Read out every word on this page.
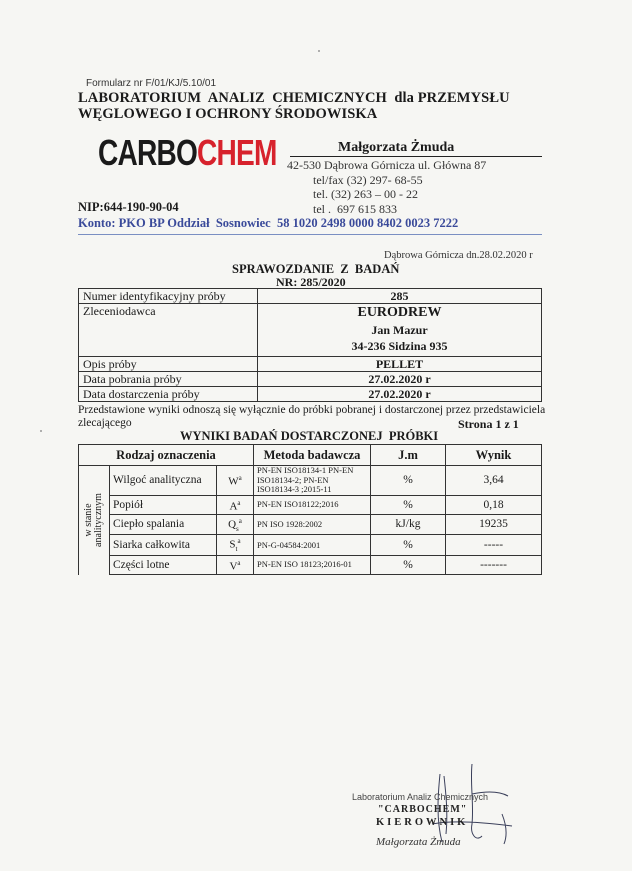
Formularz nr F/01/KJ/5.10/01
LABORATORIUM  ANALIZ  CHEMICZNYCH  dla PRZEMYSŁU
WĘGLOWEGO I OCHRONY ŚRODOWISKA
CARBOCHEM	Małgorzata Żmuda
42-530 Dąbrowa Górnicza ul. Główna 87
tel/fax (32) 297- 68-55
tel. (32) 263 – 00 - 22
tel .  697 615 833
NIP:644-190-90-04
Konto: PKO BP Oddział  Sosnowiec  58 1020 2498 0000 8402 0023 7222
Dąbrowa Górnicza dn.28.02.2020 r
SPRAWOZDANIE  Z  BADAŃ
NR: 285/2020
Numer identyfikacyjny próby	285
Zleceniodawca	EURODREW
Jan Mazur
34-236 Sidzina 935

Opis próby	PELLET
Data pobrania próby	27.02.2020 r
Data dostarczenia próby	27.02.2020 r
Przedstawione wyniki odnoszą się wyłącznie do próbki pobranej i dostarczonej przez przedstawiciela zlecającego	Strona 1 z 1
WYNIKI BADAŃ DOSTARCZONEJ  PRÓBKI
Rodzaj oznaczenia			Metoda badawcza	J.m	Wynik

w stanie analitycznym	Wilgoć analityczna	$W^a$	PN-EN ISO18134-1 PN-EN ISO18134-2; PN-EN ISO18134-3 ;2015-11	%	3,64
	Popiół	$A^a$	PN-EN ISO18122;2016	%	0,18
	Ciepło spalania	$Q_s^a$	PN ISO 1928:2002	kJ/kg	19235
	Siarka całkowita	$S_t^a$	PN-G-04584:2001	%	-----
	Części lotne	$V^a$	PN-EN ISO 18123;2016-01	%	-------
Laboratorium Analiz Chemicznych
"CARBOCHEM"
KIEROWNIK
Małgorzata Żmuda
